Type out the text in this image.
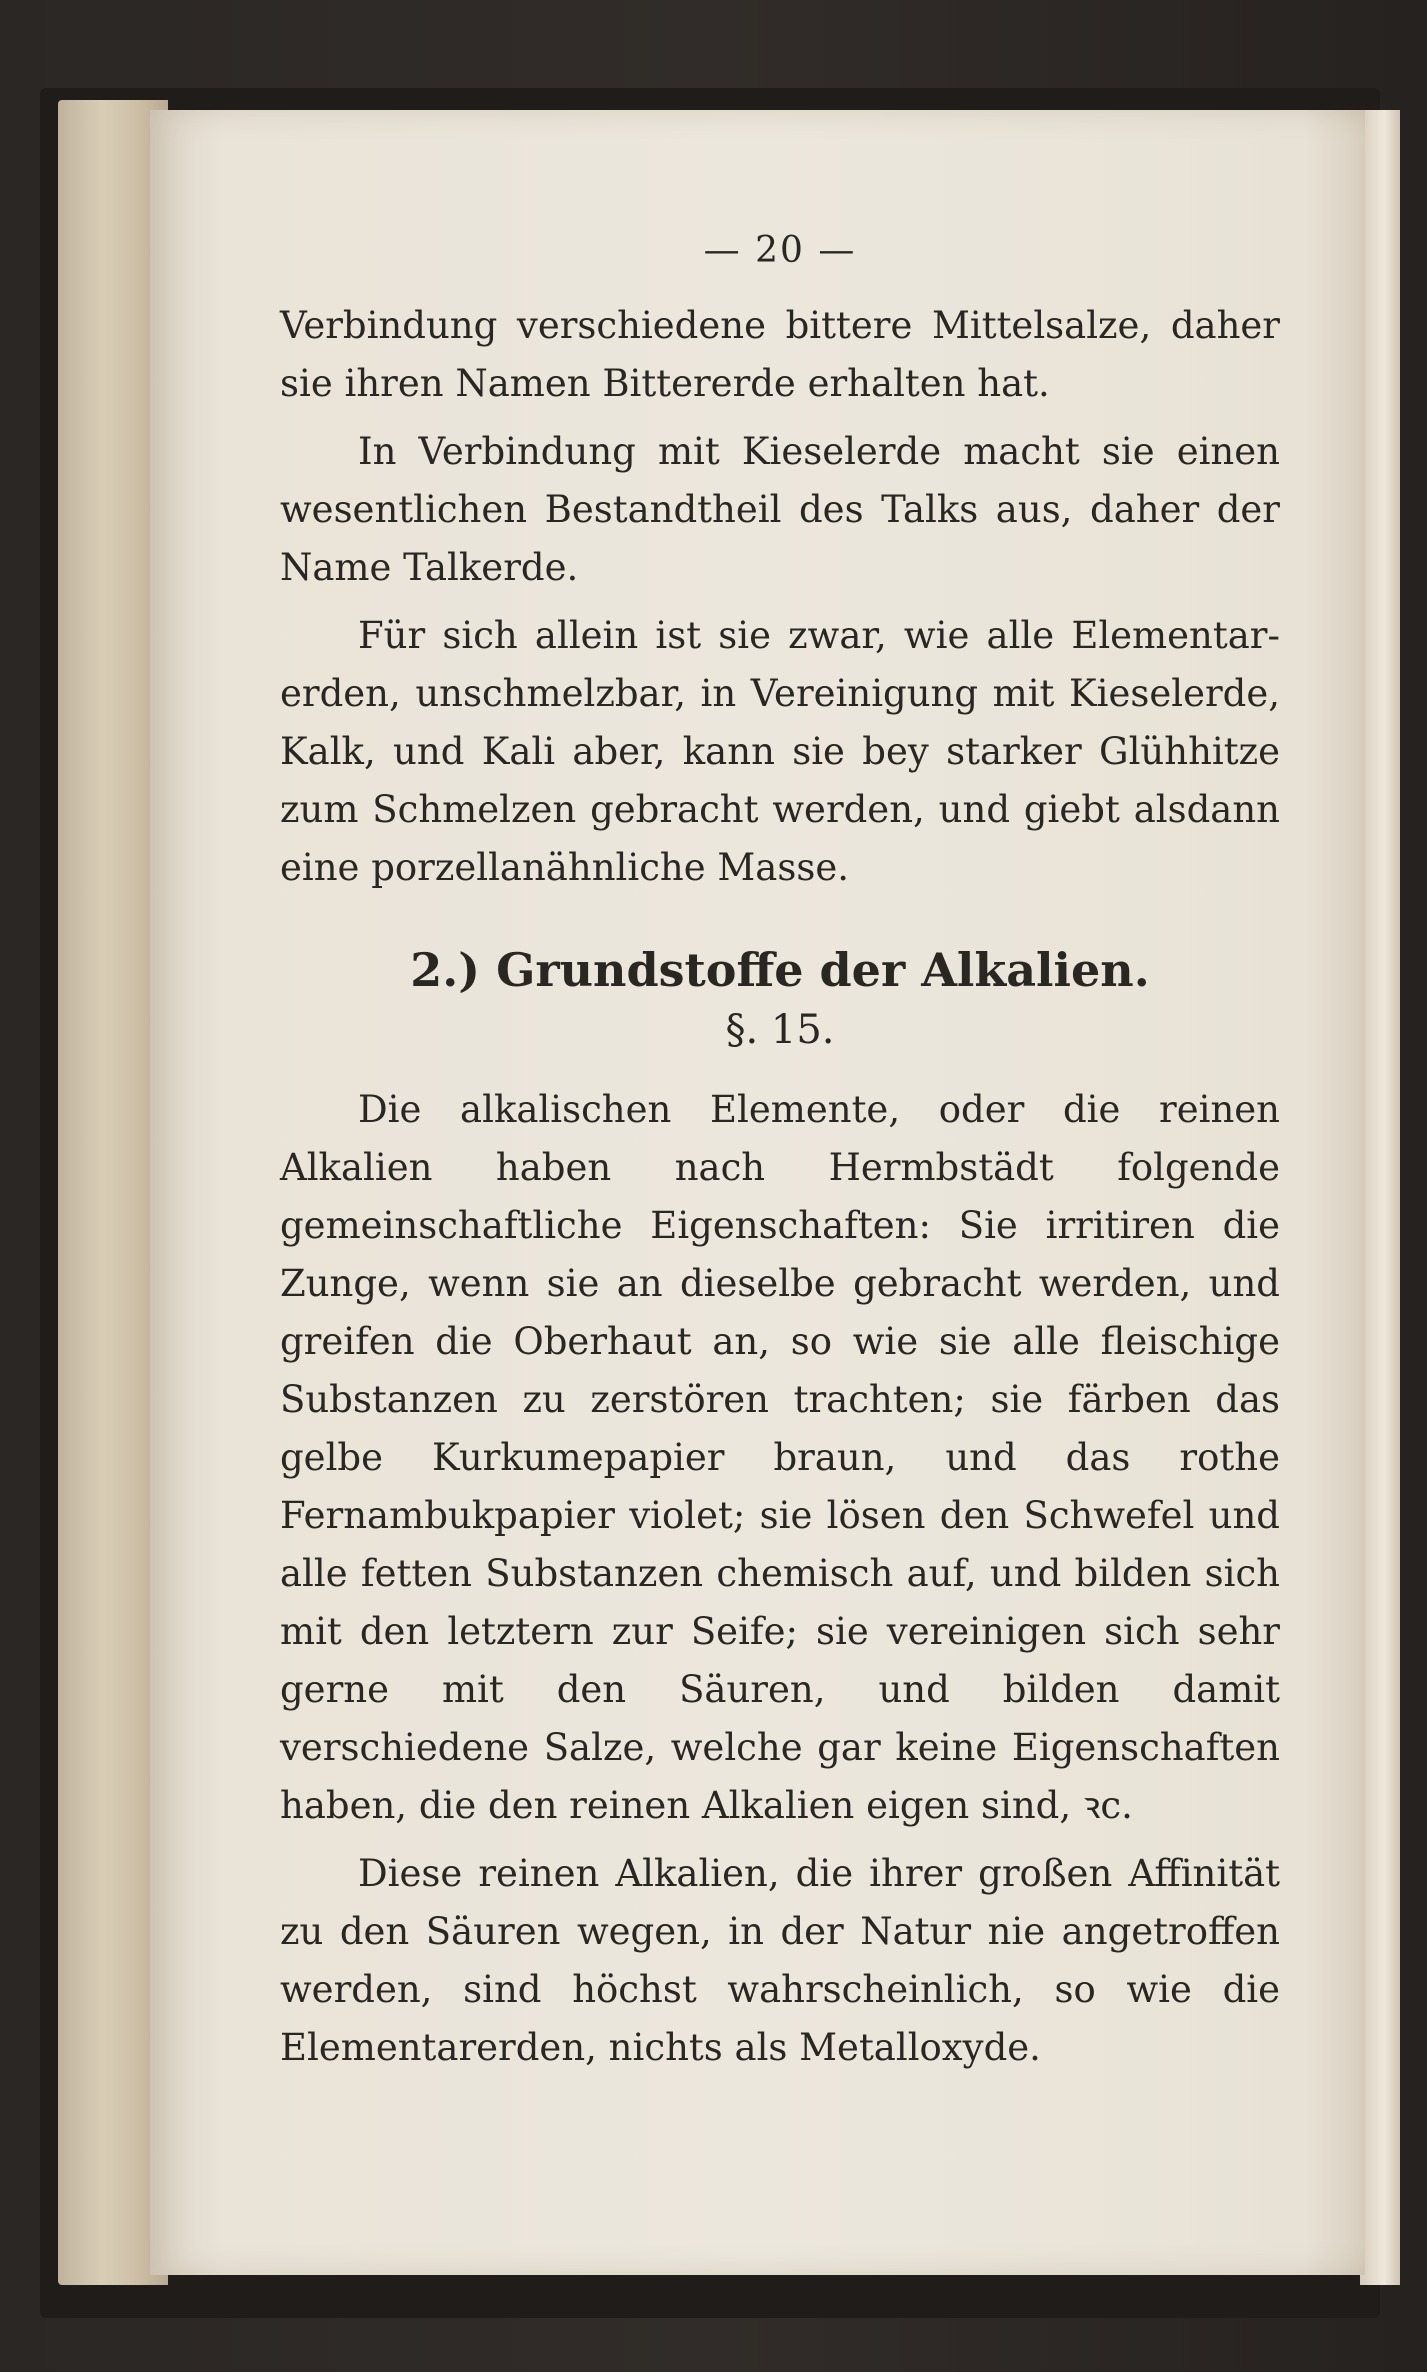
— 20 —

Verbindung verschiedene bittere Mittelsalze, daher sie ihren Namen Bittererde erhalten hat.

In Verbindung mit Kieselerde macht sie einen wesentlichen Bestandtheil des Talks aus, daher der Name Talkerde.

Für sich allein ist sie zwar, wie alle Elementar-erden, unschmelzbar, in Vereinigung mit Kieselerde, Kalk, und Kali aber, kann sie bey starker Glühhitze zum Schmelzen gebracht werden, und giebt alsdann eine porzellanähnliche Masse.

2.) Grundstoffe der Alkalien.
§. 15.

Die alkalischen Elemente, oder die reinen Alkalien haben nach Hermbstädt folgende gemeinschaftliche Eigenschaften: Sie irritiren die Zunge, wenn sie an dieselbe gebracht werden, und greifen die Oberhaut an, so wie sie alle fleischige Substanzen zu zerstören trachten; sie färben das gelbe Kurkumepapier braun, und das rothe Fernambukpapier violet; sie lösen den Schwefel und alle fetten Substanzen chemisch auf, und bilden sich mit den letztern zur Seife; sie vereinigen sich sehr gerne mit den Säuren, und bilden damit verschiedene Salze, welche gar keine Eigenschaften haben, die den reinen Alkalien eigen sind, ꝛc.

Diese reinen Alkalien, die ihrer großen Affinität zu den Säuren wegen, in der Natur nie angetroffen werden, sind höchst wahrscheinlich, so wie die Elementarerden, nichts als Metalloxyde.
